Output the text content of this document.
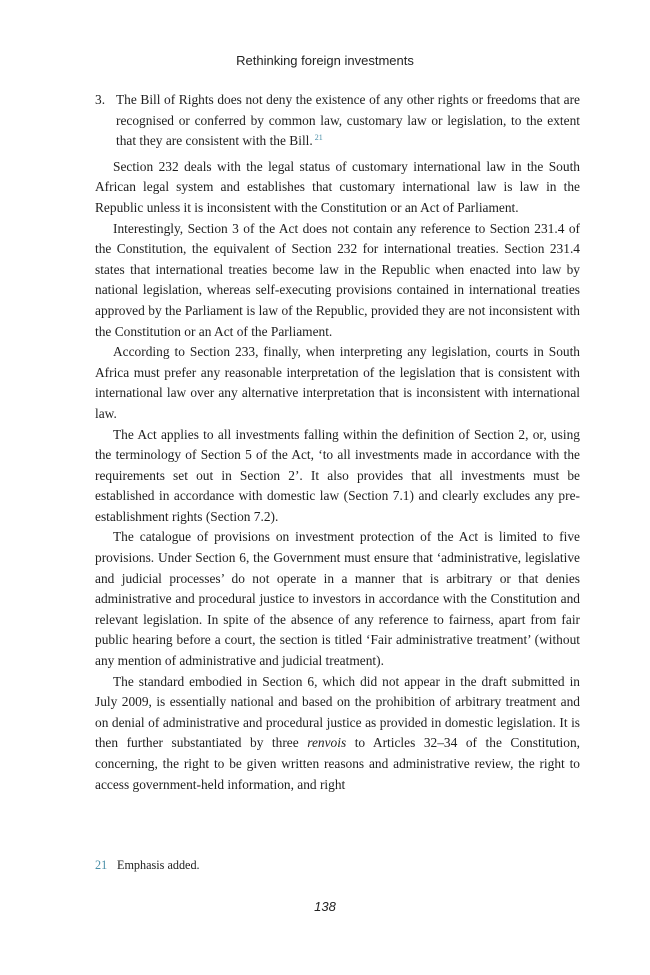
Rethinking foreign investments
3. The Bill of Rights does not deny the existence of any other rights or freedoms that are recognised or conferred by common law, customary law or legislation, to the extent that they are consistent with the Bill. $^{21}$

Section 232 deals with the legal status of customary international law in the South African legal system and establishes that customary international law is law in the Republic unless it is inconsistent with the Constitution or an Act of Parliament.

Interestingly, Section 3 of the Act does not contain any reference to Section 231.4 of the Constitution, the equivalent of Section 232 for international treaties. Section 231.4 states that international treaties become law in the Republic when enacted into law by national legislation, whereas self-executing provisions contained in international treaties approved by the Parliament is law of the Republic, provided they are not inconsistent with the Constitution or an Act of the Parliament.

According to Section 233, finally, when interpreting any legislation, courts in South Africa must prefer any reasonable interpretation of the legislation that is consistent with international law over any alternative interpretation that is inconsistent with international law.

The Act applies to all investments falling within the definition of Section 2, or, using the terminology of Section 5 of the Act, ‘to all investments made in accordance with the requirements set out in Section 2’. It also provides that all investments must be established in accordance with domestic law (Section 7.1) and clearly excludes any pre-establishment rights (Section 7.2).

The catalogue of provisions on investment protection of the Act is limited to five provisions. Under Section 6, the Government must ensure that ‘administrative, legislative and judicial processes’ do not operate in a manner that is arbitrary or that denies administrative and procedural justice to investors in accordance with the Constitution and relevant legislation. In spite of the absence of any reference to fairness, apart from fair public hearing before a court, the section is titled ‘Fair administrative treatment’ (without any mention of administrative and judicial treatment).

The standard embodied in Section 6, which did not appear in the draft submitted in July 2009, is essentially national and based on the prohibition of arbitrary treatment and on denial of administrative and procedural justice as provided in domestic legislation. It is then further substantiated by three renvois to Articles 32–34 of the Constitution, concerning, the right to be given written reasons and administrative review, the right to access government-held information, and right

21 Emphasis added.
138
